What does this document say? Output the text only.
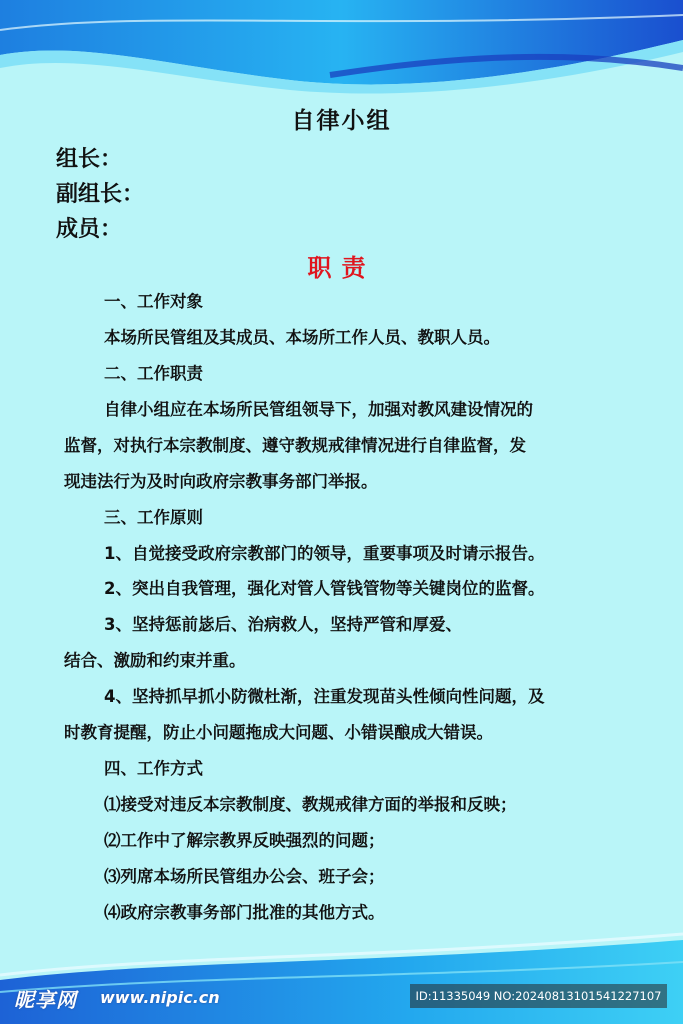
自律小组
组长：
副组长：
成员：
职责
一、工作对象
本场所民管组及其成员、本场所工作人员、教职人员。
二、工作职责
自律小组应在本场所民管组领导下，加强对教风建设情况的
监督，对执行本宗教制度、遵守教规戒律情况进行自律监督，发
现违法行为及时向政府宗教事务部门举报。
三、工作原则
1、自觉接受政府宗教部门的领导，重要事项及时请示报告。
2、突出自我管理，强化对管人管钱管物等关键岗位的监督。
3、坚持惩前毖后、治病救人，坚持严管和厚爱、
结合、激励和约束并重。
4、坚持抓早抓小防微杜渐，注重发现苗头性倾向性问题，及
时教育提醒，防止小问题拖成大问题、小错误酿成大错误。
四、工作方式
⑴接受对违反本宗教制度、教规戒律方面的举报和反映；
⑵工作中了解宗教界反映强烈的问题；
⑶列席本场所民管组办公会、班子会；
⑷政府宗教事务部门批准的其他方式。
昵享网 www.nipic.cn	ID:11335049 NO:20240813101541227107
